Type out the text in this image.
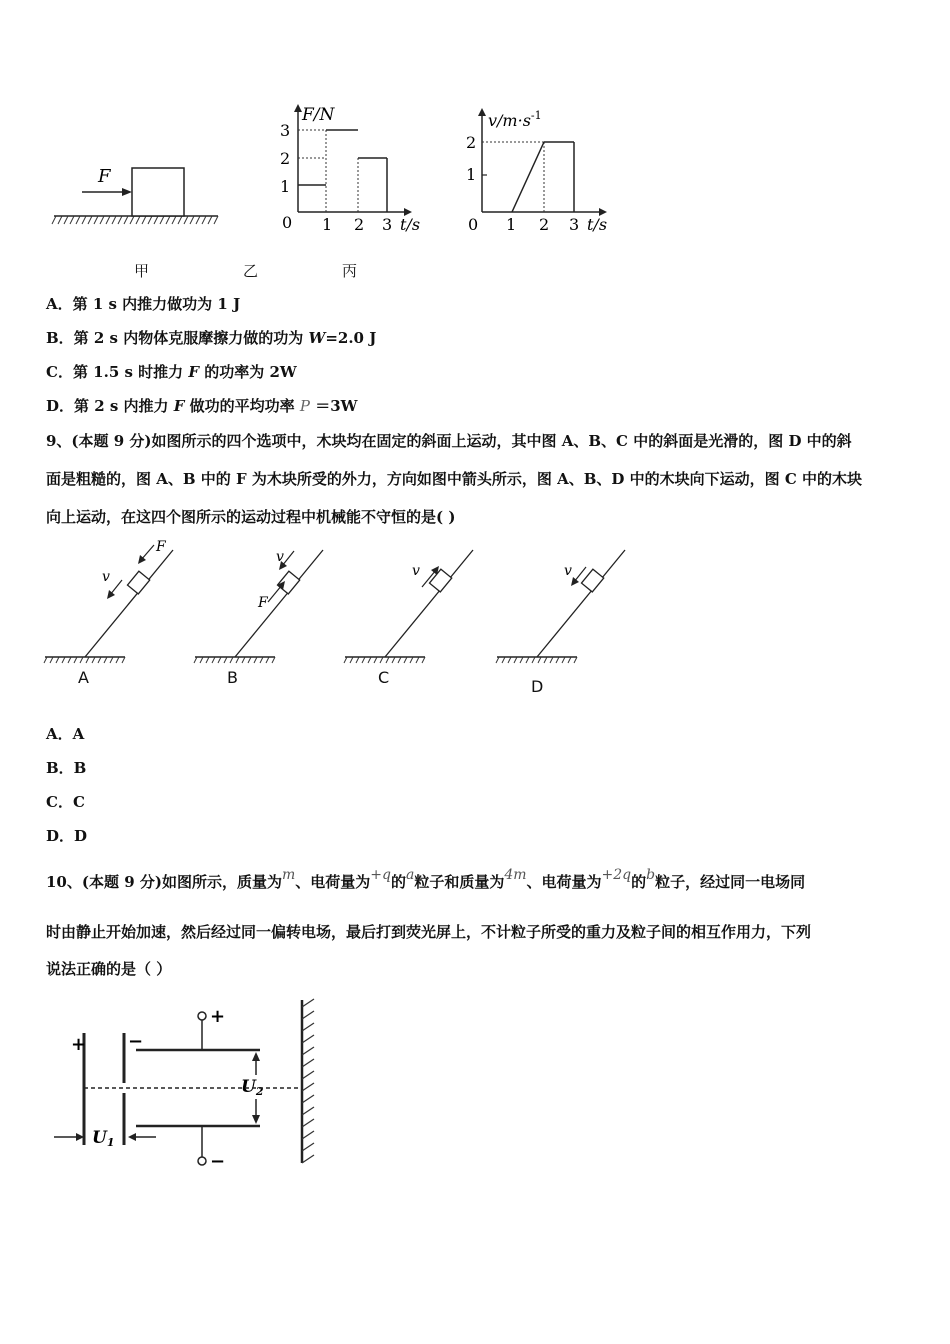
F
F/N
t/s
0 1 2 3
1
2
3
$v/m\cdot s^{-1}$
t/s
0 1 2 3
1
2
甲	乙	丙
A．第 1 s 内推力做功为 1 J
B．第 2 s 内物体克服摩擦力做的功为 W=2.0 J
C．第 1.5 s 时推力 F 的功率为 2W
D．第 2 s 内推力 F 做功的平均功率 P ＝3W
9、(本题 9 分)如图所示的四个选项中，木块均在固定的斜面上运动，其中图 A、B、C 中的斜面是光滑的，图 D 中的斜
面是粗糙的，图 A、B 中的 F 为木块所受的外力，方向如图中箭头所示，图 A、B、D 中的木块向下运动，图 C 中的木块
向上运动，在这四个图所示的运动过程中机械能不守恒的是( )
F
v
A
F
v
B
v
C
v
D
A．A
B．B
C．C
D．D
10、(本题 9 分)如图所示，质量为m、电荷量为+q的a粒子和质量为4m、电荷量为+2q的b粒子，经过同一电场同
时由静止开始加速，然后经过同一偏转电场，最后打到荧光屏上，不计粒子所受的重力及粒子间的相互作用力，下列
说法正确的是（ ）
+ −
U1
+
−
U2
